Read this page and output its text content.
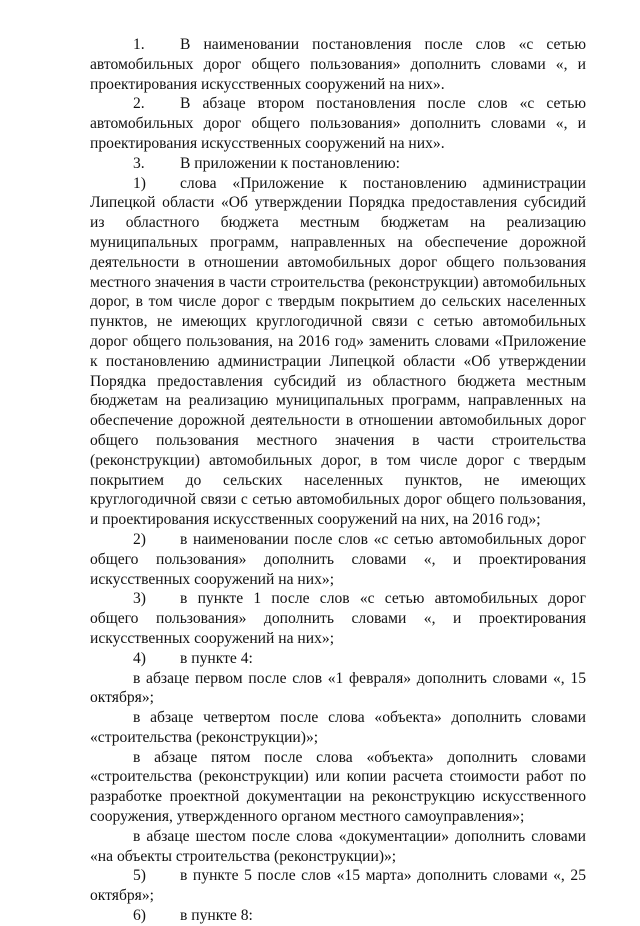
1. В наименовании постановления после слов «с сетью автомобильных дорог общего пользования» дополнить словами «, и проектирования искусственных сооружений на них».

2. В абзаце втором постановления после слов «с сетью автомобильных дорог общего пользования» дополнить словами «, и проектирования искусственных сооружений на них».

3. В приложении к постановлению:

1) слова «Приложение к постановлению администрации Липецкой области «Об утверждении Порядка предоставления субсидий из областного бюджета местным бюджетам на реализацию муниципальных программ, направленных на обеспечение дорожной деятельности в отношении автомобильных дорог общего пользования местного значения в части строительства (реконструкции) автомобильных дорог, в том числе дорог с твердым покрытием до сельских населенных пунктов, не имеющих круглогодичной связи с сетью автомобильных дорог общего пользования, на 2016 год» заменить словами «Приложение к постановлению администрации Липецкой области «Об утверждении Порядка предоставления субсидий из областного бюджета местным бюджетам на реализацию муниципальных программ, направленных на обеспечение дорожной деятельности в отношении автомобильных дорог общего пользования местного значения в части строительства (реконструкции) автомобильных дорог, в том числе дорог с твердым покрытием до сельских населенных пунктов, не имеющих круглогодичной связи с сетью автомобильных дорог общего пользования, и проектирования искусственных сооружений на них, на 2016 год»;

2) в наименовании после слов «с сетью автомобильных дорог общего пользования» дополнить словами «, и проектирования искусственных сооружений на них»;

3) в пункте 1 после слов «с сетью автомобильных дорог общего пользования» дополнить словами «, и проектирования искусственных сооружений на них»;

4) в пункте 4:

в абзаце первом после слов «1 февраля» дополнить словами «, 15 октября»;

в абзаце четвертом после слова «объекта» дополнить словами «строительства (реконструкции)»;

в абзаце пятом после слова «объекта» дополнить словами «строительства (реконструкции) или копии расчета стоимости работ по разработке проектной документации на реконструкцию искусственного сооружения, утвержденного органом местного самоуправления»;

в абзаце шестом после слова «документации» дополнить словами «на объекты строительства (реконструкции)»;

5) в пункте 5 после слов «15 марта» дополнить словами «, 25 октября»;

6) в пункте 8:
